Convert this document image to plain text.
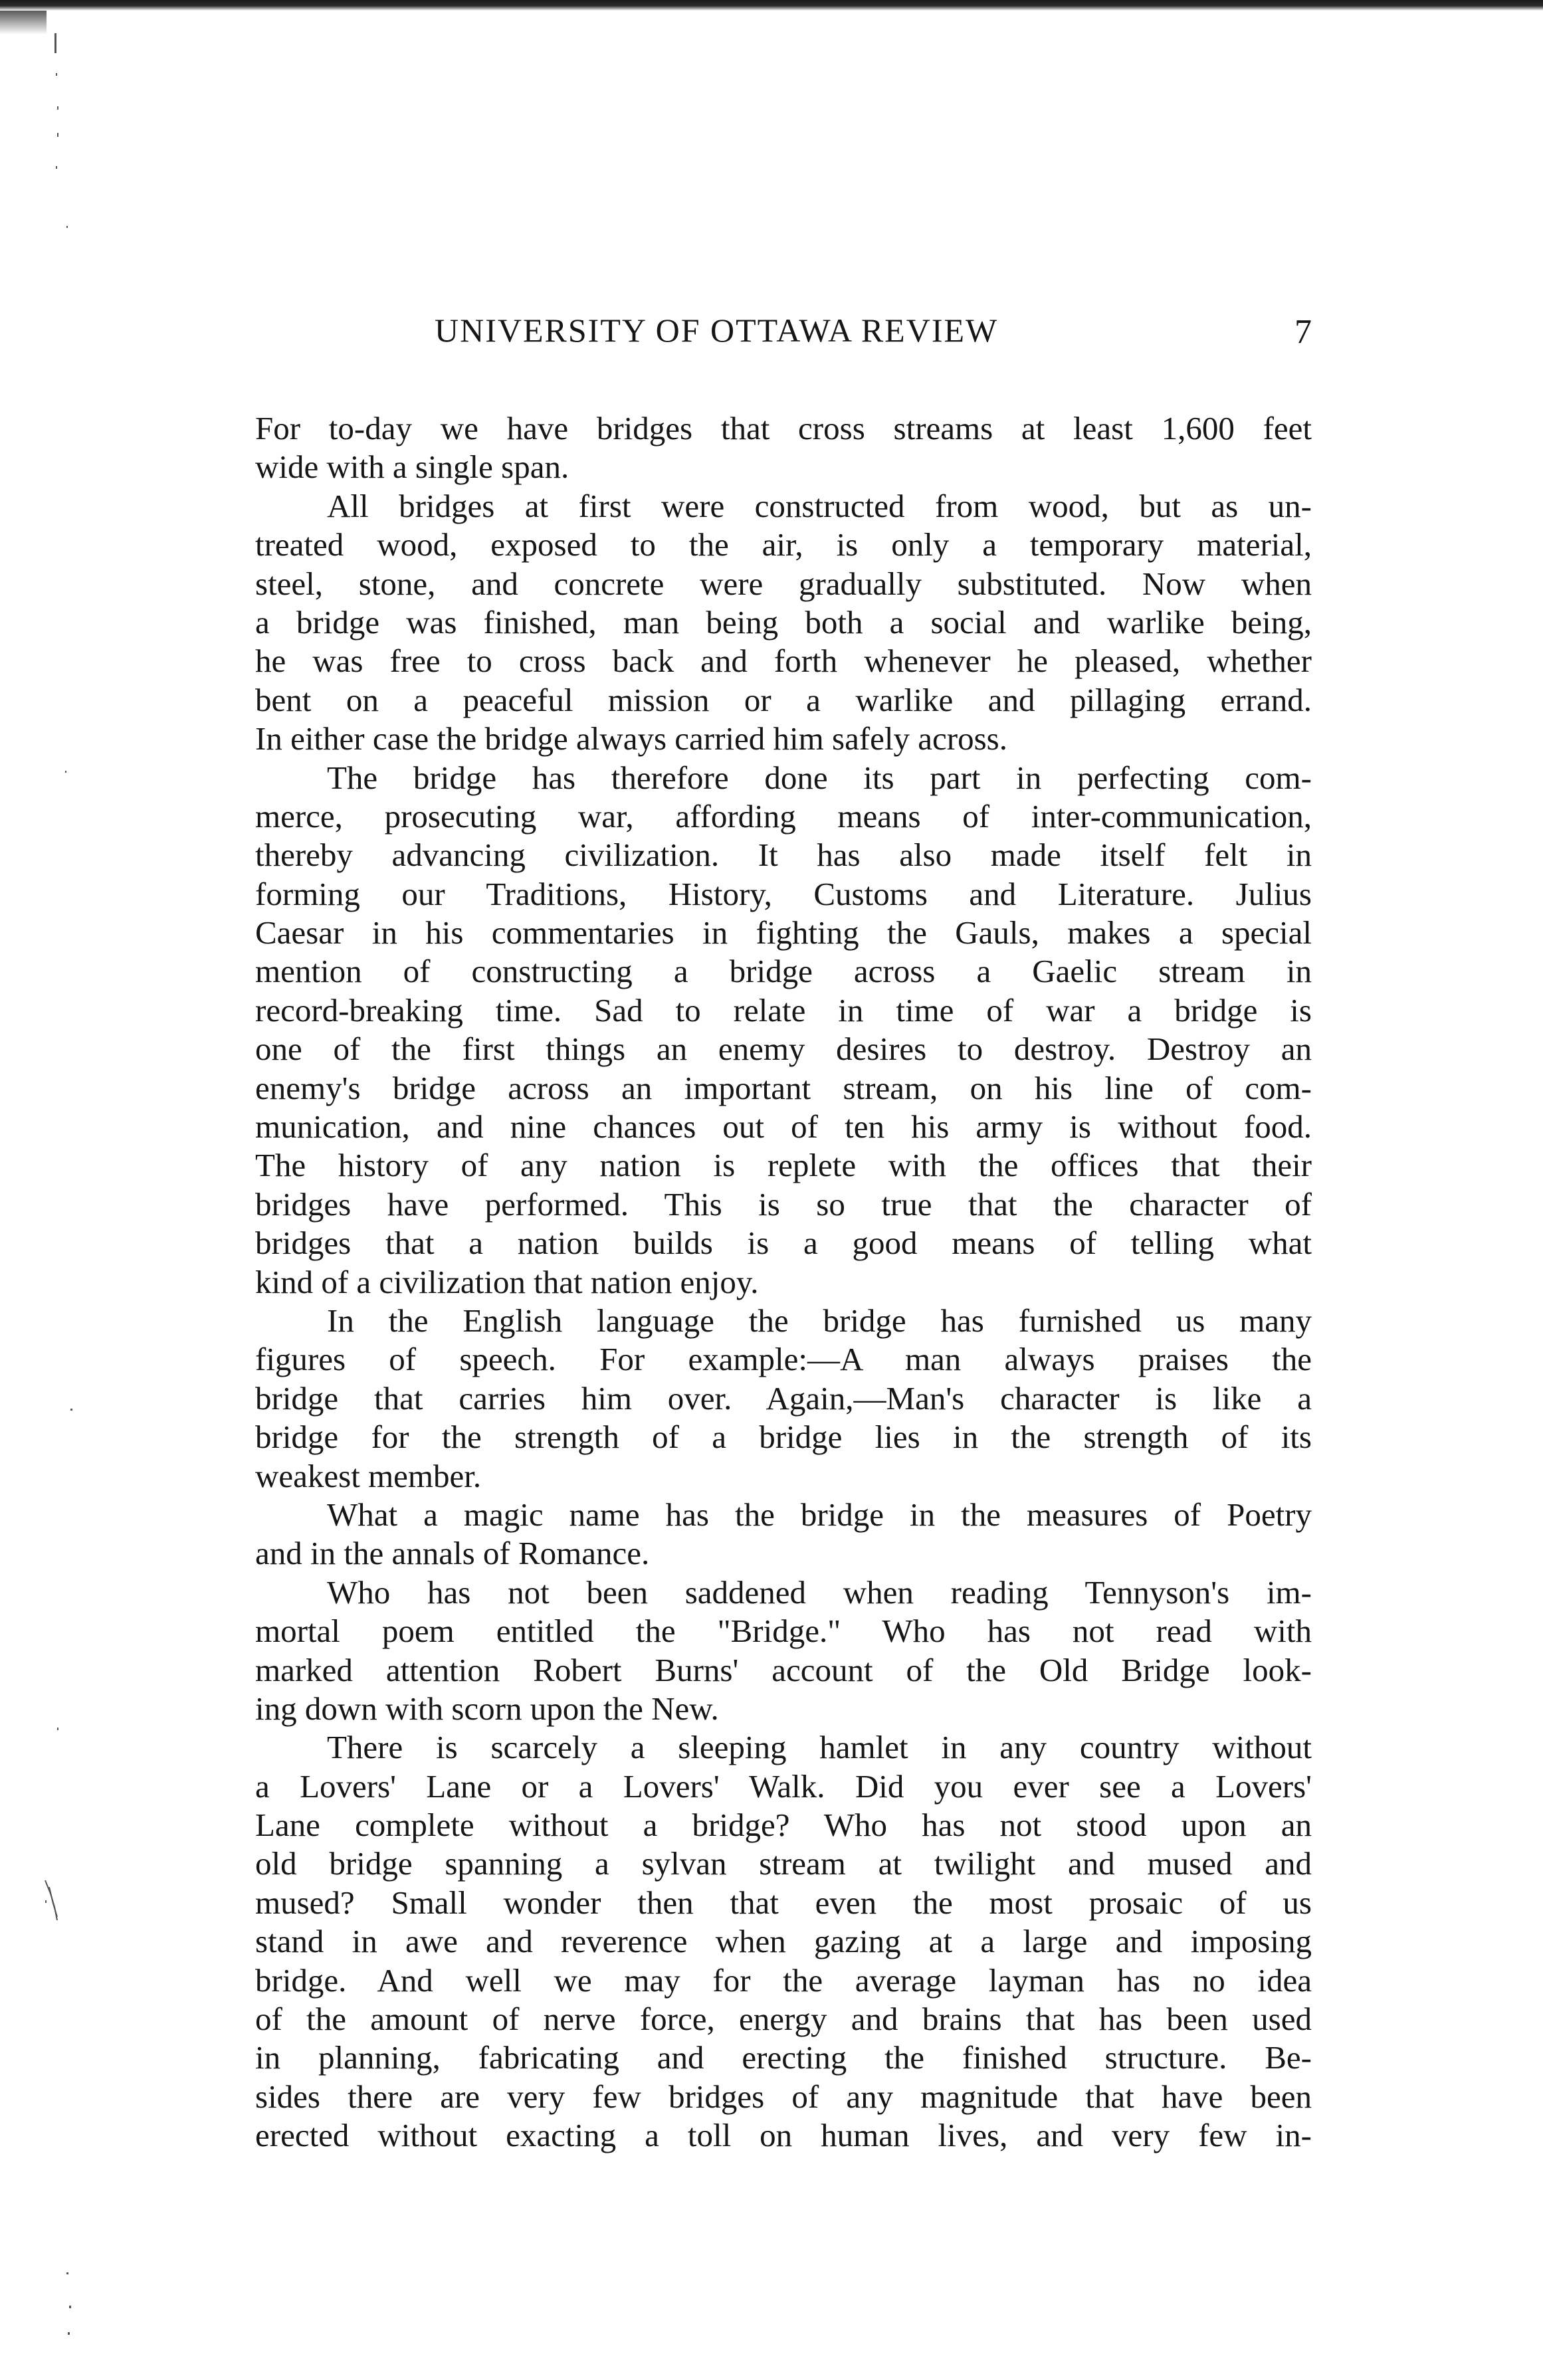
UNIVERSITY OF OTTAWA REVIEW	7
For to-day we have bridges that cross streams at least 1,600 feet
wide with a single span.
All bridges at first were constructed from wood, but as un-
treated wood, exposed to the air, is only a temporary material,
steel, stone, and concrete were gradually substituted. Now when
a bridge was finished, man being both a social and warlike being,
he was free to cross back and forth whenever he pleased, whether
bent on a peaceful mission or a warlike and pillaging errand.
In either case the bridge always carried him safely across.
The bridge has therefore done its part in perfecting com-
merce, prosecuting war, affording means of inter-communication,
thereby advancing civilization. It has also made itself felt in
forming our Traditions, History, Customs and Literature. Julius
Caesar in his commentaries in fighting the Gauls, makes a special
mention of constructing a bridge across a Gaelic stream in
record-breaking time. Sad to relate in time of war a bridge is
one of the first things an enemy desires to destroy. Destroy an
enemy's bridge across an important stream, on his line of com-
munication, and nine chances out of ten his army is without food.
The history of any nation is replete with the offices that their
bridges have performed. This is so true that the character of
bridges that a nation builds is a good means of telling what
kind of a civilization that nation enjoy.
In the English language the bridge has furnished us many
figures of speech. For example:—A man always praises the
bridge that carries him over. Again,—Man's character is like a
bridge for the strength of a bridge lies in the strength of its
weakest member.
What a magic name has the bridge in the measures of Poetry
and in the annals of Romance.
Who has not been saddened when reading Tennyson's im-
mortal poem entitled the "Bridge." Who has not read with
marked attention Robert Burns' account of the Old Bridge look-
ing down with scorn upon the New.
There is scarcely a sleeping hamlet in any country without
a Lovers' Lane or a Lovers' Walk. Did you ever see a Lovers'
Lane complete without a bridge? Who has not stood upon an
old bridge spanning a sylvan stream at twilight and mused and
mused? Small wonder then that even the most prosaic of us
stand in awe and reverence when gazing at a large and imposing
bridge. And well we may for the average layman has no idea
of the amount of nerve force, energy and brains that has been used
in planning, fabricating and erecting the finished structure. Be-
sides there are very few bridges of any magnitude that have been
erected without exacting a toll on human lives, and very few in-
